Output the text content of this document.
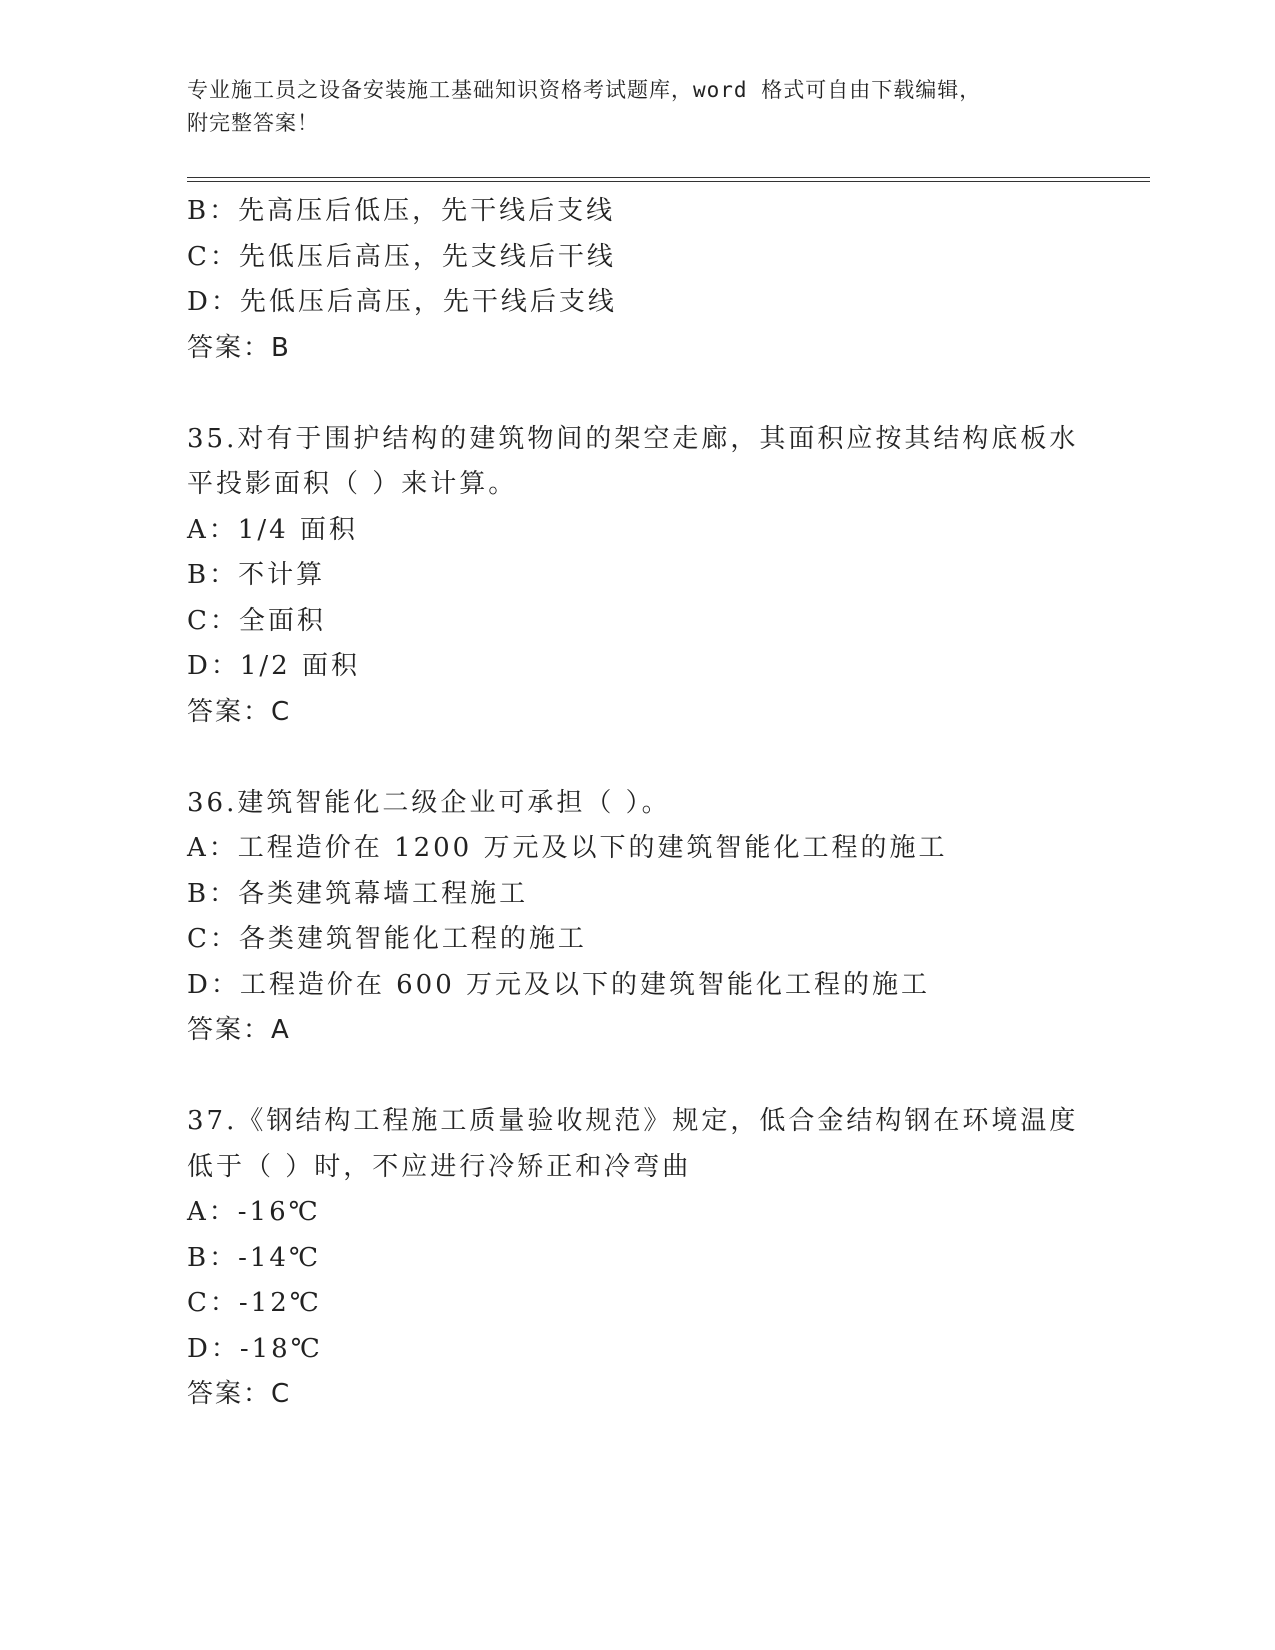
专业施工员之设备安装施工基础知识资格考试题库，word 格式可自由下载编辑，
附完整答案！
B：先高压后低压，先干线后支线
C：先低压后高压，先支线后干线
D：先低压后高压，先干线后支线
答案：B
35.对有于围护结构的建筑物间的架空走廊，其面积应按其结构底板水
平投影面积（ ）来计算。
A：1/4 面积
B：不计算
C：全面积
D：1/2 面积
答案：C
36.建筑智能化二级企业可承担（ ）。
A：工程造价在 1200 万元及以下的建筑智能化工程的施工
B：各类建筑幕墙工程施工
C：各类建筑智能化工程的施工
D：工程造价在 600 万元及以下的建筑智能化工程的施工
答案：A
37.《钢结构工程施工质量验收规范》规定，低合金结构钢在环境温度
低于（ ）时，不应进行冷矫正和冷弯曲
A：-16℃
B：-14℃
C：-12℃
D：-18℃
答案：C
